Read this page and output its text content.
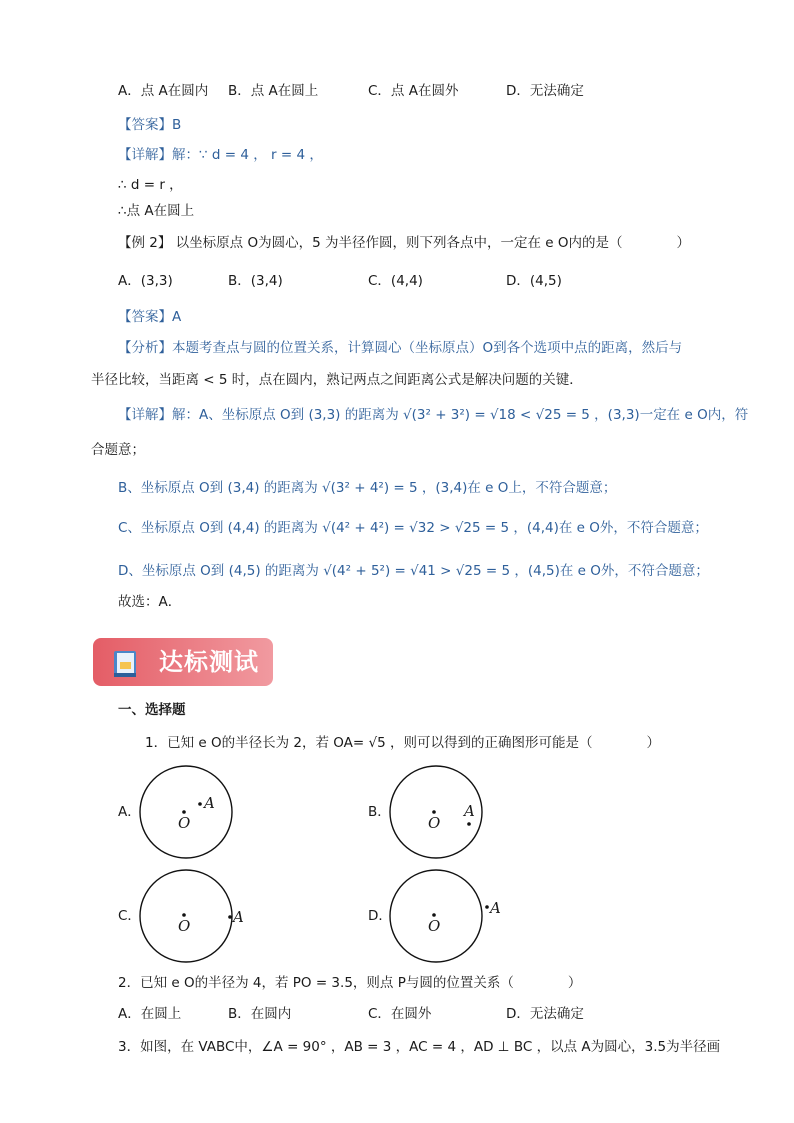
A．点 A在圆内 B．点 A在圆上	C．点 A在圆外	D．无法确定
【答案】B
【详解】解：∵ d = 4 ， r = 4 ，
∴ d = r ，
∴点 A在圆上
【例 2】 以坐标原点 O为圆心，5 为半径作圆，则下列各点中，一定在 e O内的是（　　　　）
A．(3,3)	B．(3,4)	C．(4,4)	D．(4,5)
【答案】A
【分析】本题考查点与圆的位置关系，计算圆心（坐标原点）O到各个选项中点的距离，然后与
半径比较，当距离 < 5 时，点在圆内，熟记两点之间距离公式是解决问题的关键．
【详解】解：A、坐标原点 O到 (3,3) 的距离为 √(3² + 3²) = √18 < √25 = 5 ，(3,3)一定在 e O内，符
合题意；
B、坐标原点 O到 (3,4) 的距离为 √(3² + 4²) = 5 ，(3,4)在 e O上，不符合题意；
C、坐标原点 O到 (4,4) 的距离为 √(4² + 4²) = √32 > √25 = 5 ，(4,4)在 e O外，不符合题意；
D、坐标原点 O到 (4,5) 的距离为 √(4² + 5²) = √41 > √25 = 5 ，(4,5)在 e O外，不符合题意；
故选：A．
达标测试
一、选择题
1．已知 e O的半径长为 2，若 OA= √5 ，则可以得到的正确图形可能是（　　　　）
A．
O
A	B．
O
A
C．
O	A	D．
O
A
2．已知 e O的半径为 4，若 PO = 3.5，则点 P与圆的位置关系（　　　　）
A．在圆上	B．在圆内	C．在圆外	D．无法确定
3．如图，在 VABC中，∠A = 90° ，AB = 3 ，AC = 4 ，AD ⊥ BC ，以点 A为圆心，3.5为半径画
